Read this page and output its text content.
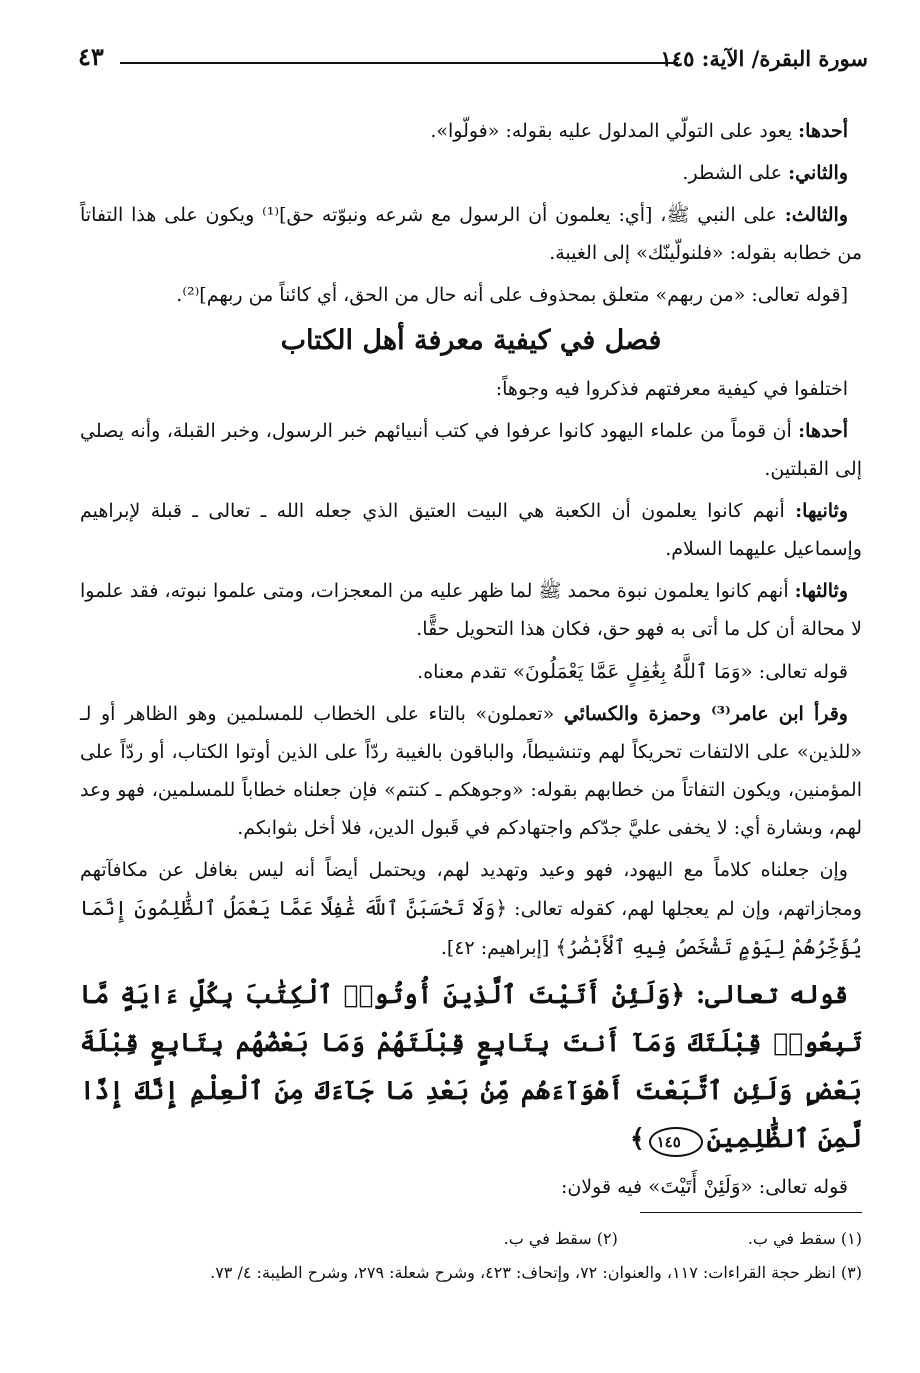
سورة البقرة/ الآية: ١٤٥
٤٣

أحدها: يعود على التولّي المدلول عليه بقوله: «فولّوا».

والثاني: على الشطر.

والثالث: على النبي ﷺ، [أي: يعلمون أن الرسول مع شرعه ونبوّته حق]⁽¹⁾ ويكون على هذا التفاتاً من خطابه بقوله: «فلنولّينّك» إلى الغيبة.

[قوله تعالى: «من ربهم» متعلق بمحذوف على أنه حال من الحق، أي كائناً من ربهم]⁽²⁾.

فصل في كيفية معرفة أهل الكتاب

اختلفوا في كيفية معرفتهم فذكروا فيه وجوهاً:

أحدها: أن قوماً من علماء اليهود كانوا عرفوا في كتب أنبيائهم خبر الرسول، وخبر القبلة، وأنه يصلي إلى القبلتين.

وثانيها: أنهم كانوا يعلمون أن الكعبة هي البيت العتيق الذي جعله الله ـ تعالى ـ قبلة لإبراهيم وإسماعيل عليهما السلام.

وثالثها: أنهم كانوا يعلمون نبوة محمد ﷺ لما ظهر عليه من المعجزات، ومتى علموا نبوته، فقد علموا لا محالة أن كل ما أتى به فهو حق، فكان هذا التحويل حقًّا.

قوله تعالى: «وَمَا ٱللَّهُ بِغَٰفِلٍ عَمَّا يَعْمَلُونَ» تقدم معناه.

وقرأ ابن عامر⁽³⁾ وحمزة والكسائي «تعملون» بالتاء على الخطاب للمسلمين وهو الظاهر أو لـ «للذين» على الالتفات تحريكاً لهم وتنشيطاً، والباقون بالغيبة ردّاً على الذين أوتوا الكتاب، أو ردّاً على المؤمنين، ويكون التفاتاً من خطابهم بقوله: «وجوهكم ـ كنتم» فإن جعلناه خطاباً للمسلمين، فهو وعد لهم، وبشارة أي: لا يخفى عليَّ جدّكم واجتهادكم في قَبول الدين، فلا أخل بثوابكم.

وإن جعلناه كلاماً مع اليهود، فهو وعيد وتهديد لهم، ويحتمل أيضاً أنه ليس بغافل عن مكافآتهم ومجازاتهم، وإن لم يعجلها لهم، كقوله تعالى: ﴿وَلَا تَحْسَبَنَّ ٱللَّهَ غَٰفِلًا عَمَّا يَعْمَلُ ٱلظَّٰلِمُونَ إِنَّمَا يُؤَخِّرُهُمْ لِيَوْمٍ تَشْخَصُ فِيهِ ٱلْأَبْصَٰرُ﴾ [إبراهيم: ٤٢].

قوله تعالى: ﴿وَلَئِنْ أَتَيْتَ ٱلَّذِينَ أُوتُوا۟ ٱلْكِتَٰبَ بِكُلِّ ءَايَةٍ مَّا تَبِعُوا۟ قِبْلَتَكَ وَمَآ أَنتَ بِتَابِعٍ قِبْلَتَهُمْ وَمَا بَعْضُهُم بِتَابِعٍ قِبْلَةَ بَعْضٍ وَلَئِنِ ٱتَّبَعْتَ أَهْوَآءَهُم مِّنۢ بَعْدِ مَا جَآءَكَ مِنَ ٱلْعِلْمِ إِنَّكَ إِذًا لَّمِنَ ٱلظَّٰلِمِينَ١٤٥﴾

قوله تعالى: «وَلَئِنْ أَتَيْتَ» فيه قولان:

(١) سقط في ب.
(٢) سقط في ب.

(٣) انظر حجة القراءات: ١١٧، والعنوان: ٧٢، وإتحاف: ٤٢٣، وشرح شعلة: ٢٧٩، وشرح الطيبة: ٤/ ٧٣.
